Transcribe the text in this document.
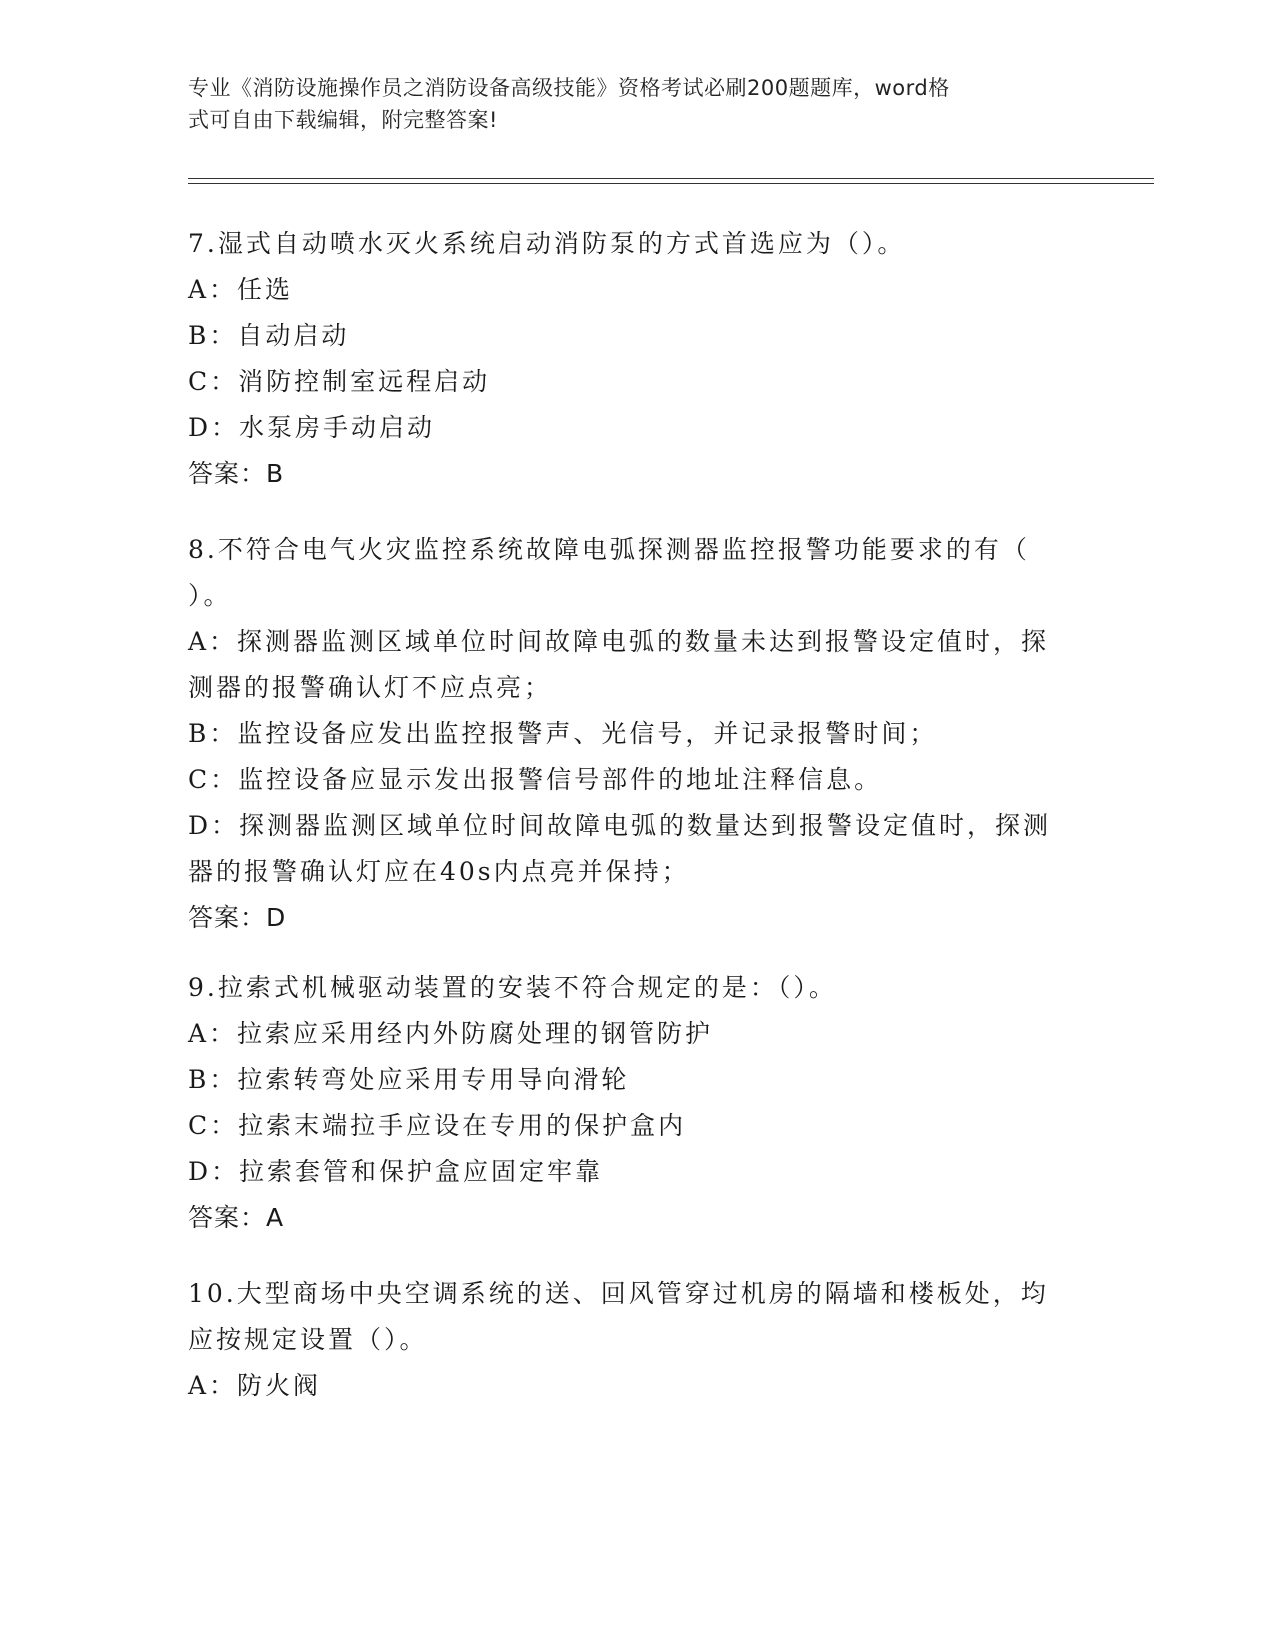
专业《消防设施操作员之消防设备高级技能》资格考试必刷200题题库，word格
式可自由下载编辑，附完整答案!
7.湿式自动喷水灭火系统启动消防泵的方式首选应为（）。
A：任选
B：自动启动
C：消防控制室远程启动
D：水泵房手动启动
答案：B
8.不符合电气火灾监控系统故障电弧探测器监控报警功能要求的有（
）。
A：探测器监测区域单位时间故障电弧的数量未达到报警设定值时，探
测器的报警确认灯不应点亮；
B：监控设备应发出监控报警声、光信号，并记录报警时间；
C：监控设备应显示发出报警信号部件的地址注释信息。
D：探测器监测区域单位时间故障电弧的数量达到报警设定值时，探测
器的报警确认灯应在40s内点亮并保持；
答案：D
9.拉索式机械驱动装置的安装不符合规定的是：（）。
A：拉索应采用经内外防腐处理的钢管防护
B：拉索转弯处应采用专用导向滑轮
C：拉索末端拉手应设在专用的保护盒内
D：拉索套管和保护盒应固定牢靠
答案：A
10.大型商场中央空调系统的送、回风管穿过机房的隔墙和楼板处，均
应按规定设置（）。
A：防火阀
